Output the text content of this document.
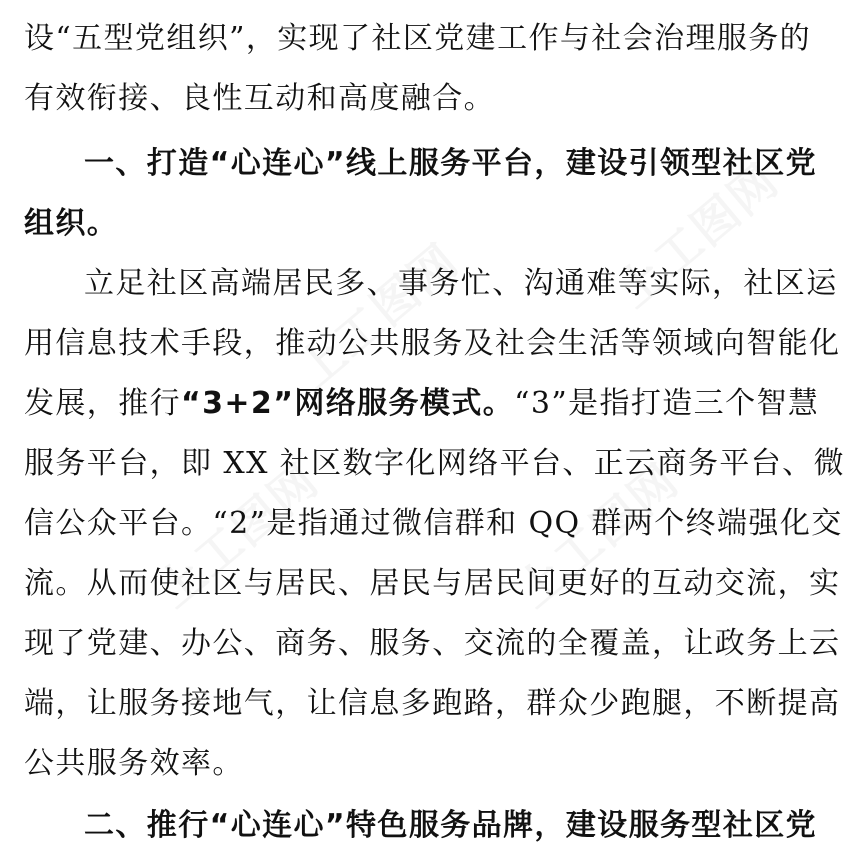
上工图网	上工图网
上工图网	上工图网
设“五型党组织”，实现了社区党建工作与社会治理服务的
有效衔接、良性互动和高度融合。
一、打造“心连心”线上服务平台，建设引领型社区党
组织。
立足社区高端居民多、事务忙、沟通难等实际，社区运
用信息技术手段，推动公共服务及社会生活等领域向智能化
发展，推行“3+2”网络服务模式。“3”是指打造三个智慧
服务平台，即 XX 社区数字化网络平台、正云商务平台、微
信公众平台。“2”是指通过微信群和 QQ 群两个终端强化交
流。从而使社区与居民、居民与居民间更好的互动交流，实
现了党建、办公、商务、服务、交流的全覆盖，让政务上云
端，让服务接地气，让信息多跑路，群众少跑腿，不断提高
公共服务效率。
二、推行“心连心”特色服务品牌，建设服务型社区党
